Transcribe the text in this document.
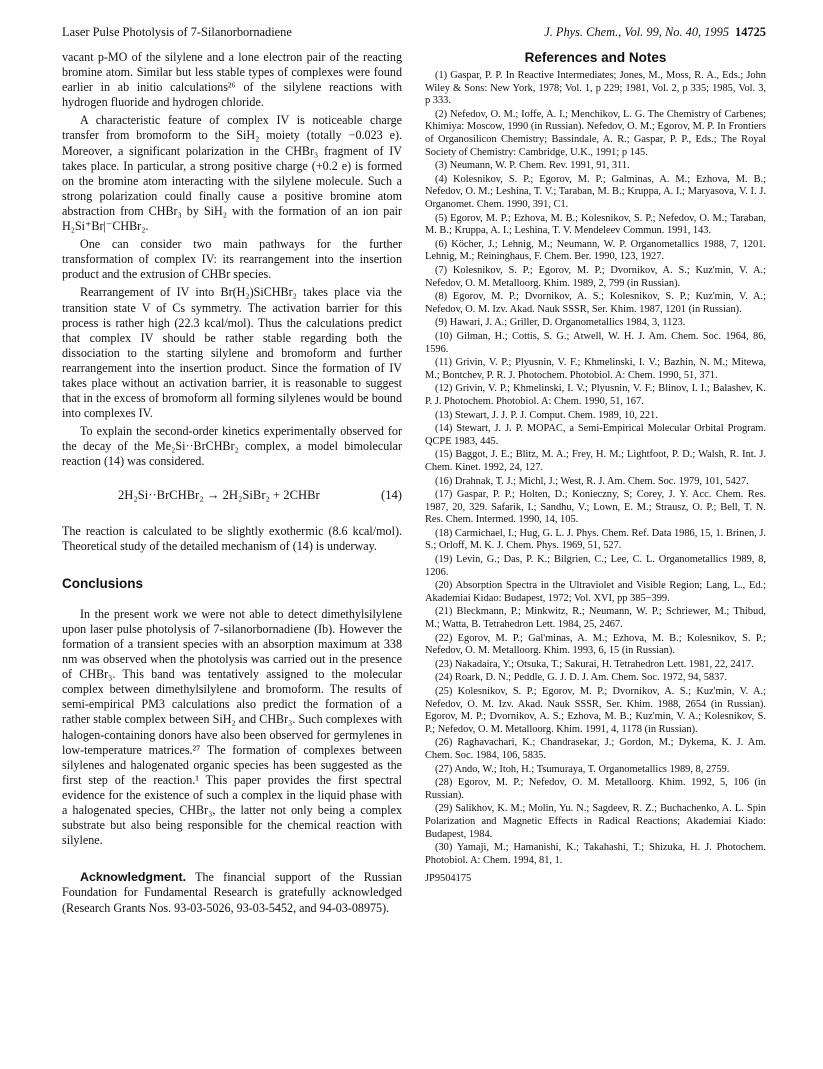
Laser Pulse Photolysis of 7-Silanorbornadiene	J. Phys. Chem., Vol. 99, No. 40, 1995 14725

vacant p-MO of the silylene and a lone electron pair of the reacting bromine atom. Similar but less stable types of complexes were found earlier in ab initio calculations²⁶ of the silylene reactions with hydrogen fluoride and hydrogen chloride.

A characteristic feature of complex IV is noticeable charge transfer from bromoform to the SiH₂ moiety (totally −0.023 e). Moreover, a significant polarization in the CHBr₃ fragment of IV takes place. In particular, a strong positive charge (+0.2 e) is formed on the bromine atom interacting with the silylene molecule. Such a strong polarization could finally cause a positive bromine atom abstraction from CHBr₃ by SiH₂ with the formation of an ion pair H₂Si⁺Br|⁻CHBr₂.

One can consider two main pathways for the further transformation of complex IV: its rearrangement into the insertion product and the extrusion of CHBr species.

Rearrangement of IV into Br(H₂)SiCHBr₂ takes place via the transition state V of Cs symmetry. The activation barrier for this process is rather high (22.3 kcal/mol). Thus the calculations predict that complex IV should be rather stable regarding both the dissociation to the starting silylene and bromoform and further rearrangement into the insertion product. Since the formation of IV takes place without an activation barrier, it is reasonable to suggest that in the excess of bromoform all forming silylenes would be bound into complexes IV.

To explain the second-order kinetics experimentally observed for the decay of the Me₂Si··BrCHBr₂ complex, a model bimolecular reaction (14) was considered.

2H₂Si··BrCHBr₂ → 2H₂SiBr₂ + 2CHBr	(14)

The reaction is calculated to be slightly exothermic (8.6 kcal/mol). Theoretical study of the detailed mechanism of (14) is underway.

Conclusions

In the present work we were not able to detect dimethylsilylene upon laser pulse photolysis of 7-silanorbornadiene (Ib). However the formation of a transient species with an absorption maximum at 338 nm was observed when the photolysis was carried out in the presence of CHBr₃. This band was tentatively assigned to the molecular complex between dimethylsilylene and bromoform. The results of semi-empirical PM3 calculations also predict the formation of a rather stable complex between SiH₂ and CHBr₃. Such complexes with halogen-containing donors have also been observed for germylenes in low-temperature matrices.²⁷ The formation of complexes between silylenes and halogenated organic species has been suggested as the first step of the reaction.¹ This paper provides the first spectral evidence for the existence of such a complex in the liquid phase with a halogenated species, CHBr₃, the latter not only being a complex substrate but also being responsible for the chemical reaction with silylene.

Acknowledgment. The financial support of the Russian Foundation for Fundamental Research is gratefully acknowledged (Research Grants Nos. 93-03-5026, 93-03-5452, and 94-03-08975).

References and Notes

(1) Gaspar, P. P. In Reactive Intermediates; Jones, M., Moss, R. A., Eds.; John Wiley & Sons: New York, 1978; Vol. 1, p 229; 1981, Vol. 2, p 335; 1985, Vol. 3, p 333.

(2) Nefedov, O. M.; Ioffe, A. I.; Menchikov, L. G. The Chemistry of Carbenes; Khimiya: Moscow, 1990 (in Russian). Nefedov, O. M.; Egorov, M. P. In Frontiers of Organosilicon Chemistry; Bassindale, A. R.; Gaspar, P. P., Eds.; The Royal Society of Chemistry: Cambridge, U.K., 1991; p 145.

(3) Neumann, W. P. Chem. Rev. 1991, 91, 311.

(4) Kolesnikov, S. P.; Egorov, M. P.; Galminas, A. M.; Ezhova, M. B.; Nefedov, O. M.; Leshina, T. V.; Taraban, M. B.; Kruppa, A. I.; Maryasova, V. I. J. Organomet. Chem. 1990, 391, C1.

(5) Egorov, M. P.; Ezhova, M. B.; Kolesnikov, S. P.; Nefedov, O. M.; Taraban, M. B.; Kruppa, A. I.; Leshina, T. V. Mendeleev Commun. 1991, 143.

(6) Köcher, J.; Lehnig, M.; Neumann, W. P. Organometallics 1988, 7, 1201. Lehnig, M.; Reininghaus, F. Chem. Ber. 1990, 123, 1927.

(7) Kolesnikov, S. P.; Egorov, M. P.; Dvornikov, A. S.; Kuz'min, V. A.; Nefedov, O. M. Metalloorg. Khim. 1989, 2, 799 (in Russian).

(8) Egorov, M. P.; Dvornikov, A. S.; Kolesnikov, S. P.; Kuz'min, V. A.; Nefedov, O. M. Izv. Akad. Nauk SSSR, Ser. Khim. 1987, 1201 (in Russian).

(9) Hawari, J. A.; Griller, D. Organometallics 1984, 3, 1123.

(10) Gilman, H.; Cottis, S. G.; Atwell, W. H. J. Am. Chem. Soc. 1964, 86, 1596.

(11) Grivin, V. P.; Plyusnin, V. F.; Khmelinski, I. V.; Bazhin, N. M.; Mitewa, M.; Bontchev, P. R. J. Photochem. Photobiol. A: Chem. 1990, 51, 371.

(12) Grivin, V. P.; Khmelinski, I. V.; Plyusnin, V. F.; Blinov, I. I.; Balashev, K. P. J. Photochem. Photobiol. A: Chem. 1990, 51, 167.

(13) Stewart, J. J. P. J. Comput. Chem. 1989, 10, 221.

(14) Stewart, J. J. P. MOPAC, a Semi-Empirical Molecular Orbital Program. QCPE 1983, 445.

(15) Baggot, J. E.; Blitz, M. A.; Frey, H. M.; Lightfoot, P. D.; Walsh, R. Int. J. Chem. Kinet. 1992, 24, 127.

(16) Drahnak, T. J.; Michl, J.; West, R. J. Am. Chem. Soc. 1979, 101, 5427.

(17) Gaspar, P. P.; Holten, D.; Konieczny, S; Corey, J. Y. Acc. Chem. Res. 1987, 20, 329. Safarik, I.; Sandhu, V.; Lown, E. M.; Strausz, O. P.; Bell, T. N. Res. Chem. Intermed. 1990, 14, 105.

(18) Carmichael, I.; Hug, G. L. J. Phys. Chem. Ref. Data 1986, 15, 1. Brinen, J. S.; Orloff, M. K. J. Chem. Phys. 1969, 51, 527.

(19) Levin, G.; Das, P. K.; Bilgrien, C.; Lee, C. L. Organometallics 1989, 8, 1206.

(20) Absorption Spectra in the Ultraviolet and Visible Region; Lang, L., Ed.; Akademiai Kidao: Budapest, 1972; Vol. XVI, pp 385−399.

(21) Bleckmann, P.; Minkwitz, R.; Neumann, W. P.; Schriewer, M.; Thibud, M.; Watta, B. Tetrahedron Lett. 1984, 25, 2467.

(22) Egorov, M. P.; Gal'minas, A. M.; Ezhova, M. B.; Kolesnikov, S. P.; Nefedov, O. M. Metalloorg. Khim. 1993, 6, 15 (in Russian).

(23) Nakadaira, Y.; Otsuka, T.; Sakurai, H. Tetrahedron Lett. 1981, 22, 2417.

(24) Roark, D. N.; Peddle, G. J. D. J. Am. Chem. Soc. 1972, 94, 5837.

(25) Kolesnikov, S. P.; Egorov, M. P.; Dvornikov, A. S.; Kuz'min, V. A.; Nefedov, O. M. Izv. Akad. Nauk SSSR, Ser. Khim. 1988, 2654 (in Russian). Egorov, M. P.; Dvornikov, A. S.; Ezhova, M. B.; Kuz'min, V. A.; Kolesnikov, S. P.; Nefedov, O. M. Metalloorg. Khim. 1991, 4, 1178 (in Russian).

(26) Raghavachari, K.; Chandrasekar, J.; Gordon, M.; Dykema, K. J. Am. Chem. Soc. 1984, 106, 5835.

(27) Ando, W.; Itoh, H.; Tsumuraya, T. Organometallics 1989, 8, 2759.

(28) Egorov, M. P.; Nefedov, O. M. Metalloorg. Khim. 1992, 5, 106 (in Russian).

(29) Salikhov, K. M.; Molin, Yu. N.; Sagdeev, R. Z.; Buchachenko, A. L. Spin Polarization and Magnetic Effects in Radical Reactions; Akademiai Kiado: Budapest, 1984.

(30) Yamaji, M.; Hamanishi, K.; Takahashi, T.; Shizuka, H. J. Photochem. Photobiol. A: Chem. 1994, 81, 1.

JP9504175
